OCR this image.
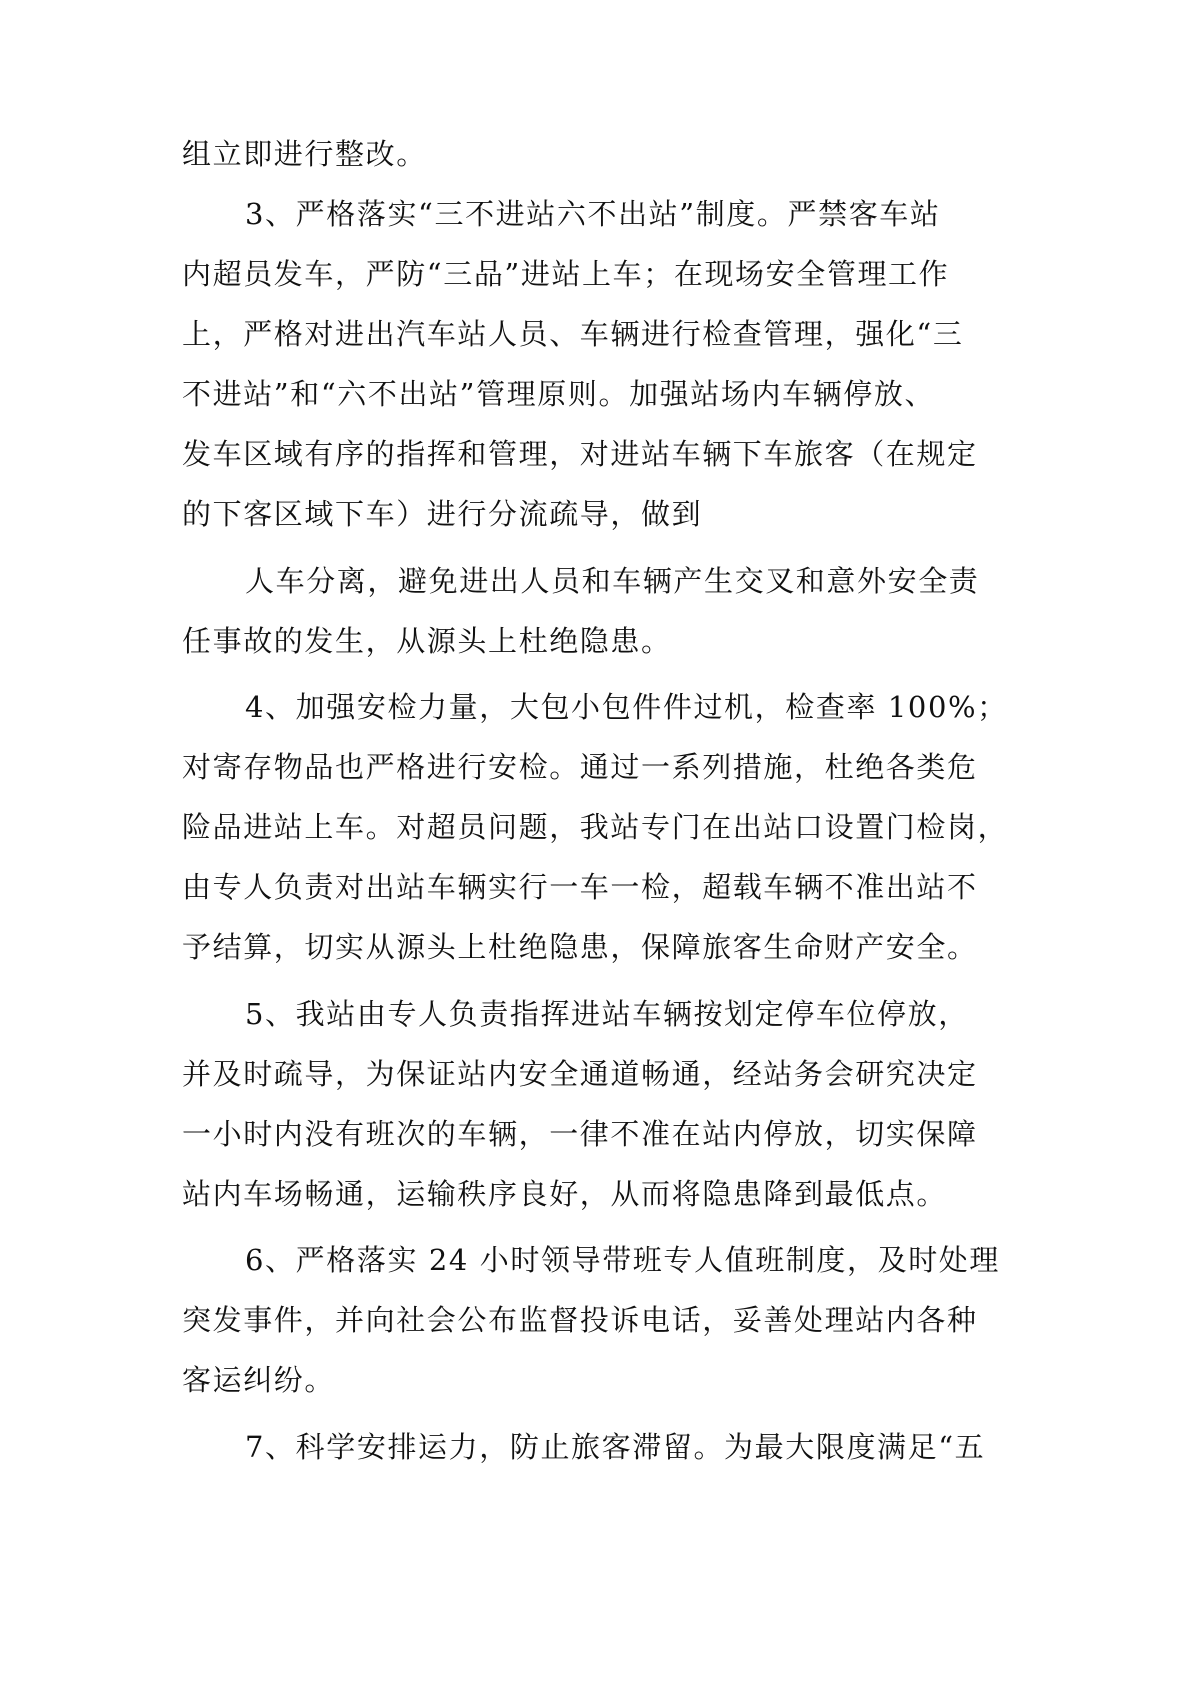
组立即进行整改。

3、严格落实“三不进站六不出站”制度。严禁客车站

内超员发车，严防“三品”进站上车；在现场安全管理工作

上，严格对进出汽车站人员、车辆进行检查管理，强化“三

不进站”和“六不出站”管理原则。加强站场内车辆停放、

发车区域有序的指挥和管理，对进站车辆下车旅客（在规定

的下客区域下车）进行分流疏导，做到

人车分离，避免进出人员和车辆产生交叉和意外安全责

任事故的发生，从源头上杜绝隐患。

4、加强安检力量，大包小包件件过机，检查率 100%；

对寄存物品也严格进行安检。通过一系列措施，杜绝各类危

险品进站上车。对超员问题，我站专门在出站口设置门检岗，

由专人负责对出站车辆实行一车一检，超载车辆不准出站不

予结算，切实从源头上杜绝隐患，保障旅客生命财产安全。

5、我站由专人负责指挥进站车辆按划定停车位停放，

并及时疏导，为保证站内安全通道畅通，经站务会研究决定

一小时内没有班次的车辆，一律不准在站内停放，切实保障

站内车场畅通，运输秩序良好，从而将隐患降到最低点。

6、严格落实 24 小时领导带班专人值班制度，及时处理

突发事件，并向社会公布监督投诉电话，妥善处理站内各种

客运纠纷。

7、科学安排运力，防止旅客滞留。为最大限度满足“五
